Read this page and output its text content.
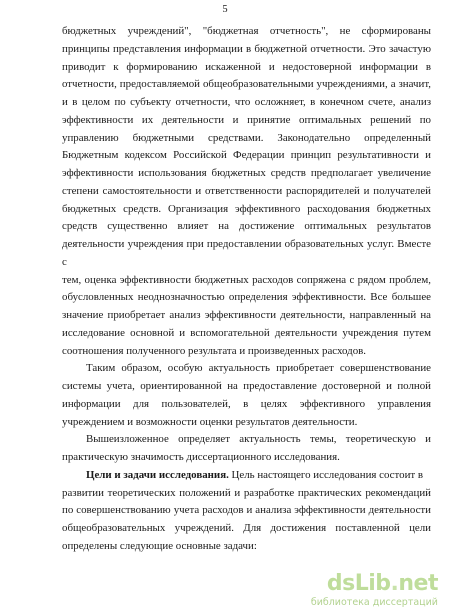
5
бюджетных учреждений", "бюджетная отчетность", не сформированы
принципы представления информации в бюджетной отчетности. Это зачастую
приводит к формированию искаженной и недостоверной информации в
отчетности, предоставляемой общеобразовательными учреждениями, а значит,
и в целом по субъекту отчетности, что осложняет, в конечном счете, анализ
эффективности их деятельности и принятие оптимальных решений по
управлению бюджетными средствами. Законодательно определенный
Бюджетным кодексом Российской Федерации принцип результативности и
эффективности использования бюджетных средств предполагает увеличение
степени самостоятельности и ответственности распорядителей и получателей
бюджетных средств. Организация эффективного расходования бюджетных
средств существенно влияет на достижение оптимальных результатов
деятельности учреждения при предоставлении образовательных услуг. Вместе с
тем, оценка эффективности бюджетных расходов сопряжена с рядом проблем,
обусловленных неоднозначностью определения эффективности. Все большее
значение приобретает анализ эффективности деятельности, направленный на
исследование основной и вспомогательной деятельности учреждения путем
соотношения полученного результата и произведенных расходов.
Таким образом, особую актуальность приобретает совершенствование
системы учета, ориентированной на предоставление достоверной и полной
информации для пользователей, в целях эффективного управления
учреждением и возможности оценки результатов деятельности.
Вышеизложенное определяет актуальность темы, теоретическую и
практическую значимость диссертационного исследования.
Цели и задачи исследования. Цель настоящего исследования состоит в
развитии теоретических положений и разработке практических рекомендаций
по совершенствованию учета расходов и анализа эффективности деятельности
общеобразовательных учреждений. Для достижения поставленной цели
определены следующие основные задачи:
dsLib.net
библиотека диссертаций
